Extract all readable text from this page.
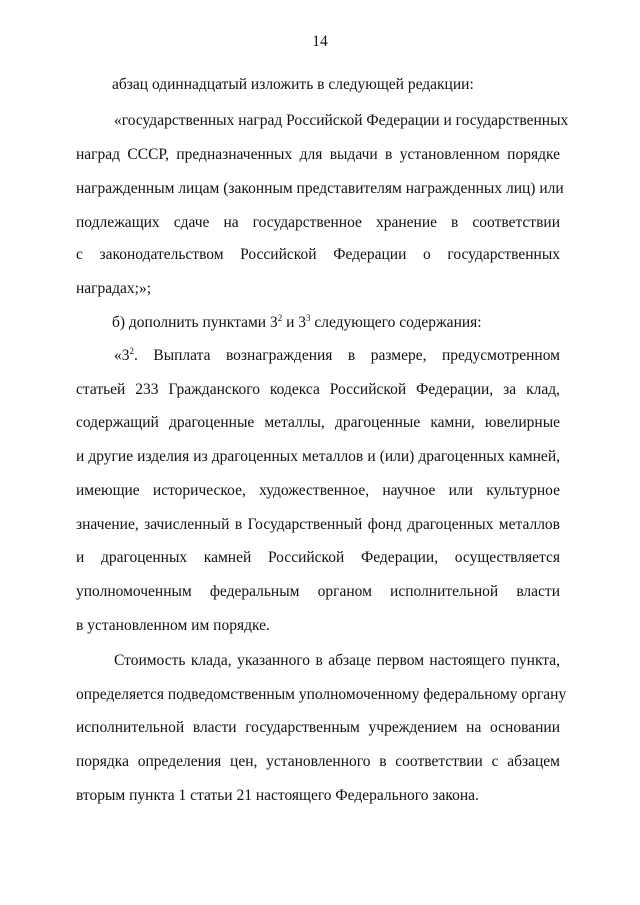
14
абзац одиннадцатый изложить в следующей редакции:
«государственных наград Российской Федерации и государственных
наград СССР, предназначенных для выдачи в установленном порядке
награжденным лицам (законным представителям награжденных лиц) или
подлежащих сдаче на государственное хранение в соответствии
с законодательством Российской Федерации о государственных
наградах;»;
б) дополнить пунктами $3^2$ и $3^3$ следующего содержания:
«$3^2$. Выплата вознаграждения в размере, предусмотренном
статьей 233 Гражданского кодекса Российской Федерации, за клад,
содержащий драгоценные металлы, драгоценные камни, ювелирные
и другие изделия из драгоценных металлов и (или) драгоценных камней,
имеющие историческое, художественное, научное или культурное
значение, зачисленный в Государственный фонд драгоценных металлов
и драгоценных камней Российской Федерации, осуществляется
уполномоченным федеральным органом исполнительной власти
в установленном им порядке.
Стоимость клада, указанного в абзаце первом настоящего пункта,
определяется подведомственным уполномоченному федеральному органу
исполнительной власти государственным учреждением на основании
порядка определения цен, установленного в соответствии с абзацем
вторым пункта 1 статьи 21 настоящего Федерального закона.
